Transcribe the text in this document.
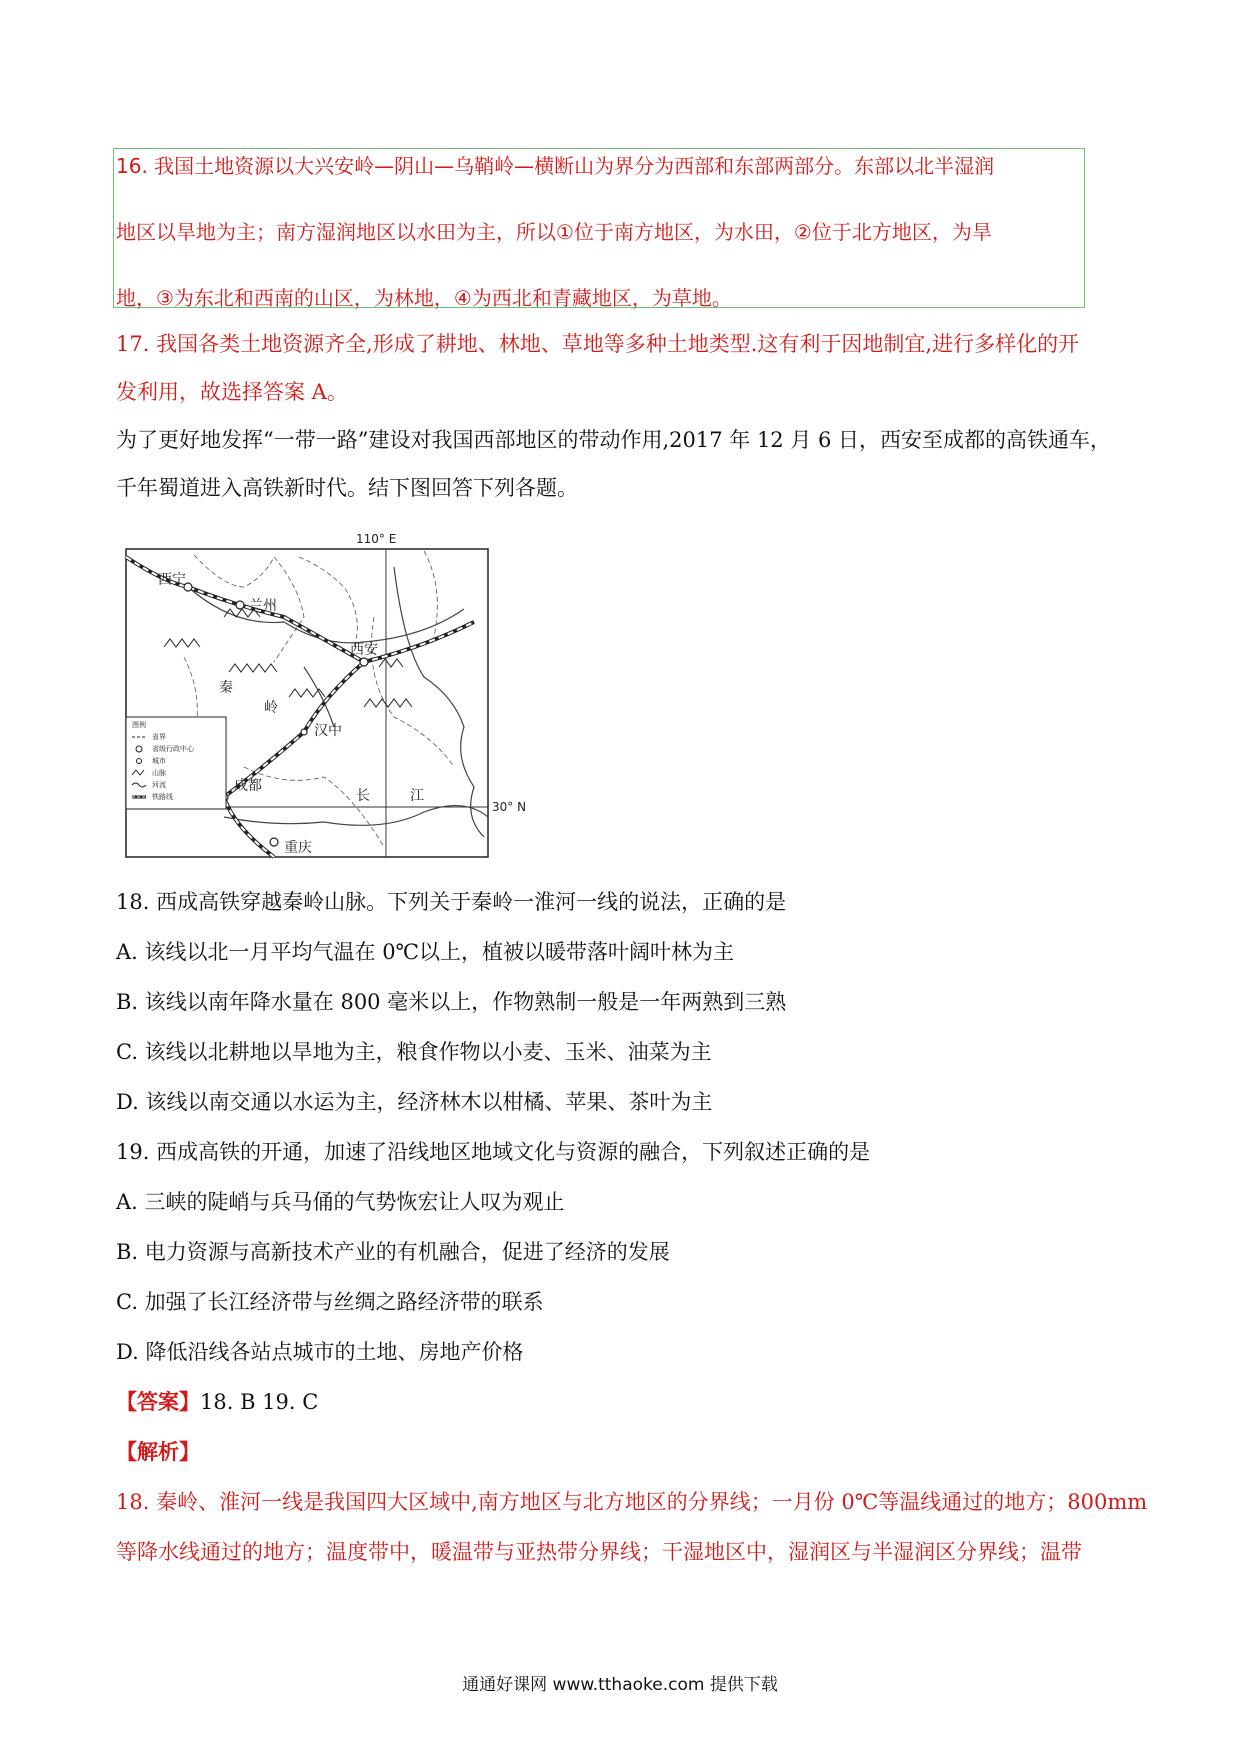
16. 我国土地资源以大兴安岭—阴山—乌鞘岭—横断山为界分为西部和东部两部分。东部以北半湿润
地区以旱地为主；南方湿润地区以水田为主，所以①位于南方地区，为水田，②位于北方地区，为旱
地，③为东北和西南的山区，为林地，④为西北和青藏地区，为草地。
17. 我国各类土地资源齐全,形成了耕地、林地、草地等多种土地类型.这有利于因地制宜,进行多样化的开
发利用，故选择答案 A。
为了更好地发挥“一带一路”建设对我国西部地区的带动作用,2017 年 12 月 6 日，西安至成都的高铁通车，
千年蜀道进入高铁新时代。结下图回答下列各题。
110° E
30° N
西宁
兰州
西安
汉中
成都
重庆
秦
岭
长	江
图例
省界
省级行政中心
城市
山脉
河流
铁路线
18. 西成高铁穿越秦岭山脉。下列关于秦岭一淮河一线的说法，正确的是
A. 该线以北一月平均气温在 0℃以上，植被以暖带落叶阔叶林为主
B. 该线以南年降水量在 800 毫米以上，作物熟制一般是一年两熟到三熟
C. 该线以北耕地以旱地为主，粮食作物以小麦、玉米、油菜为主
D. 该线以南交通以水运为主，经济林木以柑橘、苹果、茶叶为主
19. 西成高铁的开通，加速了沿线地区地域文化与资源的融合，下列叙述正确的是
A. 三峡的陡峭与兵马俑的气势恢宏让人叹为观止
B. 电力资源与高新技术产业的有机融合，促进了经济的发展
C. 加强了长江经济带与丝绸之路经济带的联系
D. 降低沿线各站点城市的土地、房地产价格
【答案】18. B 19. C
【解析】
18. 秦岭、淮河一线是我国四大区域中,南方地区与北方地区的分界线；一月份 0℃等温线通过的地方；800mm
等降水线通过的地方；温度带中，暖温带与亚热带分界线；干湿地区中，湿润区与半湿润区分界线；温带
通通好课网 www.tthaoke.com 提供下载
